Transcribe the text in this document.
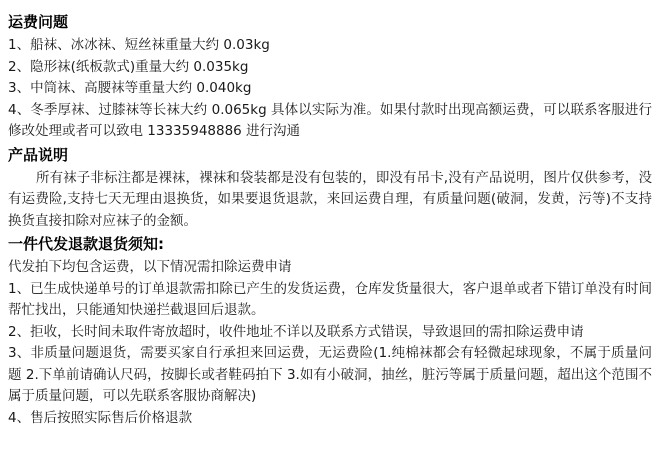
运费问题

1、船袜、冰冰袜、短丝袜重量大约 0.03kg

2、隐形袜(纸板款式)重量大约 0.035kg

3、中筒袜、高腰袜等重量大约 0.040kg

4、冬季厚袜、过膝袜等长袜大约 0.065kg 具体以实际为准。如果付款时出现高额运费，可以联系客服进行修改处理或者可以致电 13335948886 进行沟通

产品说明

所有袜子非标注都是裸袜，裸袜和袋装都是没有包装的，即没有吊卡,没有产品说明，图片仅供参考，没有运费险,支持七天无理由退换货，如果要退货退款，来回运费自理，有质量问题(破洞，发黄，污等)不支持换货直接扣除对应袜子的金额。

一件代发退款退货须知:

代发拍下均包含运费，以下情况需扣除运费申请

1、已生成快递单号的订单退款需扣除已产生的发货运费，仓库发货量很大，客户退单或者下错订单没有时间帮忙找出，只能通知快递拦截退回后退款。

2、拒收，长时间未取件寄放超时，收件地址不详以及联系方式错误，导致退回的需扣除运费申请

3、非质量问题退货，需要买家自行承担来回运费，无运费险(1.纯棉袜都会有轻微起球现象，不属于质量问题 2.下单前请确认尺码，按脚长或者鞋码拍下 3.如有小破洞，抽丝，脏污等属于质量问题，超出这个范围不属于质量问题，可以先联系客服协商解决)

4、售后按照实际售后价格退款
